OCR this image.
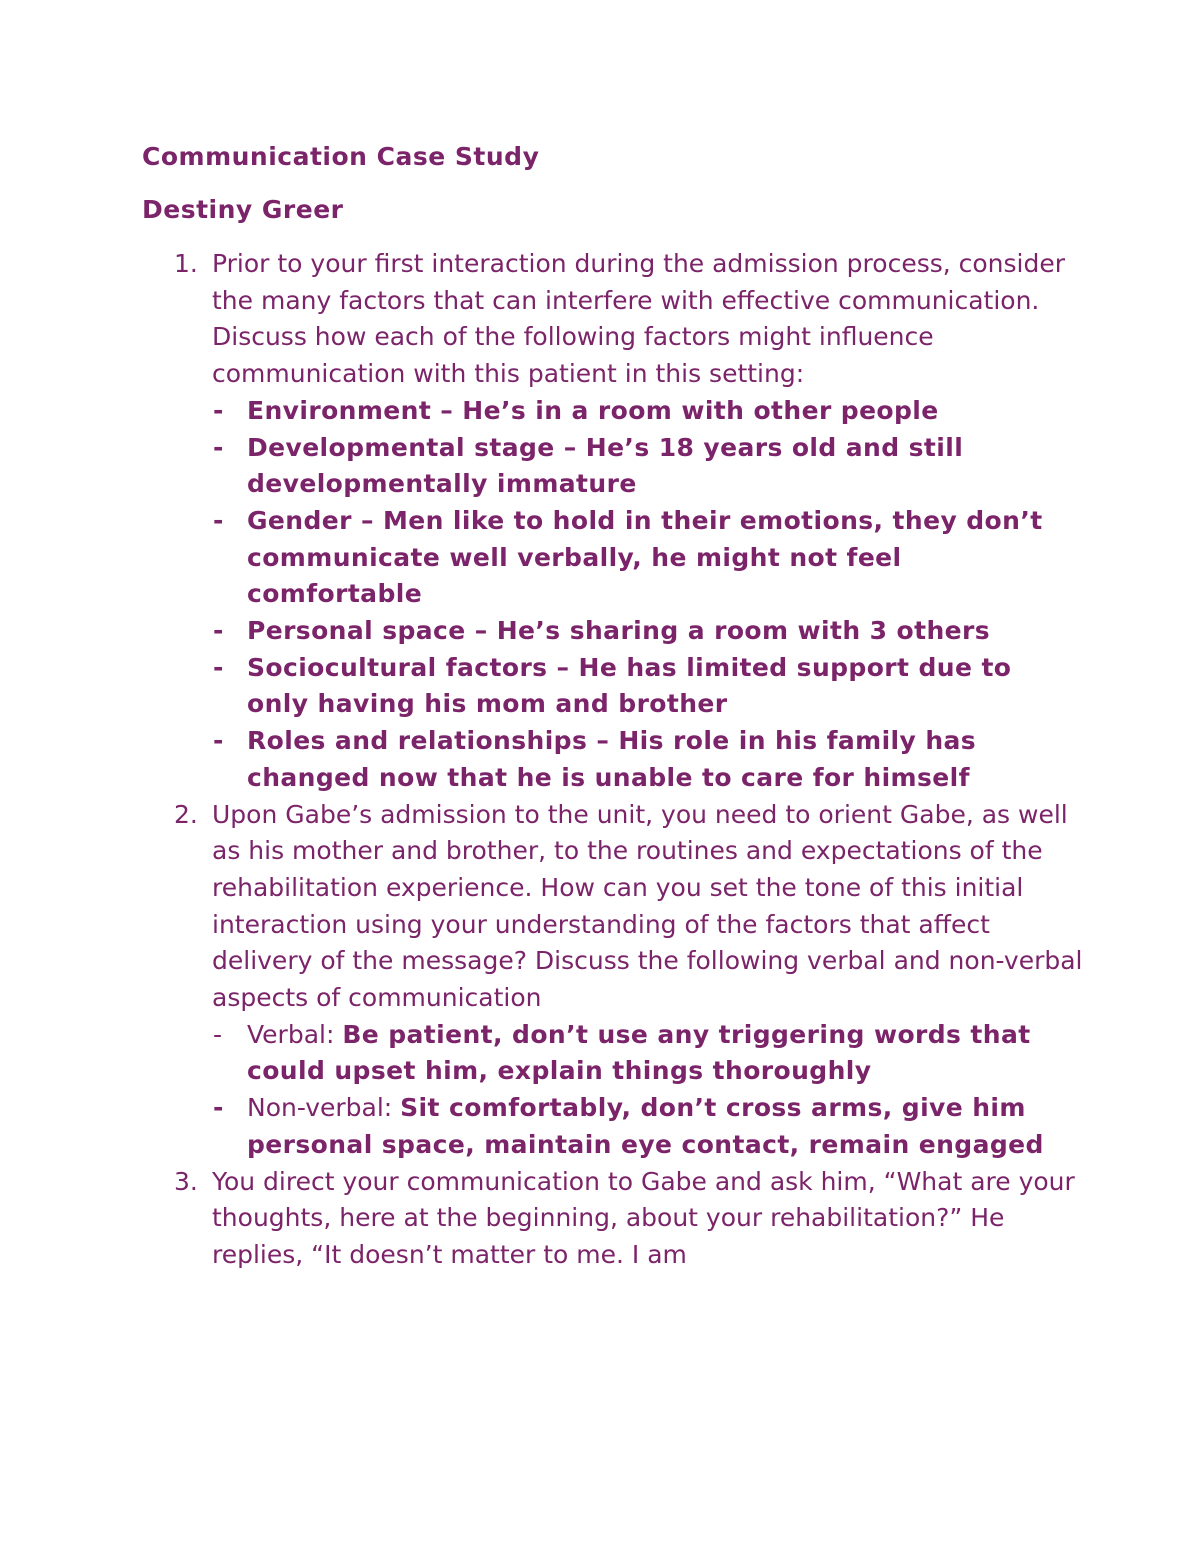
Communication Case Study
Destiny Greer
1. Prior to your first interaction during the admission process, consider the many factors that can interfere with effective communication. Discuss how each of the following factors might influence communication with this patient in this setting:
- Environment – He’s in a room with other people
- Developmental stage – He’s 18 years old and still developmentally immature
- Gender – Men like to hold in their emotions, they don’t communicate well verbally, he might not feel comfortable
- Personal space – He’s sharing a room with 3 others
- Sociocultural factors – He has limited support due to only having his mom and brother
- Roles and relationships – His role in his family has changed now that he is unable to care for himself
2. Upon Gabe’s admission to the unit, you need to orient Gabe, as well as his mother and brother, to the routines and expectations of the rehabilitation experience. How can you set the tone of this initial interaction using your understanding of the factors that affect delivery of the message? Discuss the following verbal and non-verbal aspects of communication
- Verbal: Be patient, don’t use any triggering words that could upset him, explain things thoroughly
- Non-verbal: Sit comfortably, don’t cross arms, give him personal space, maintain eye contact, remain engaged
3. You direct your communication to Gabe and ask him, “What are your thoughts, here at the beginning, about your rehabilitation?” He replies, “It doesn’t matter to me. I am
